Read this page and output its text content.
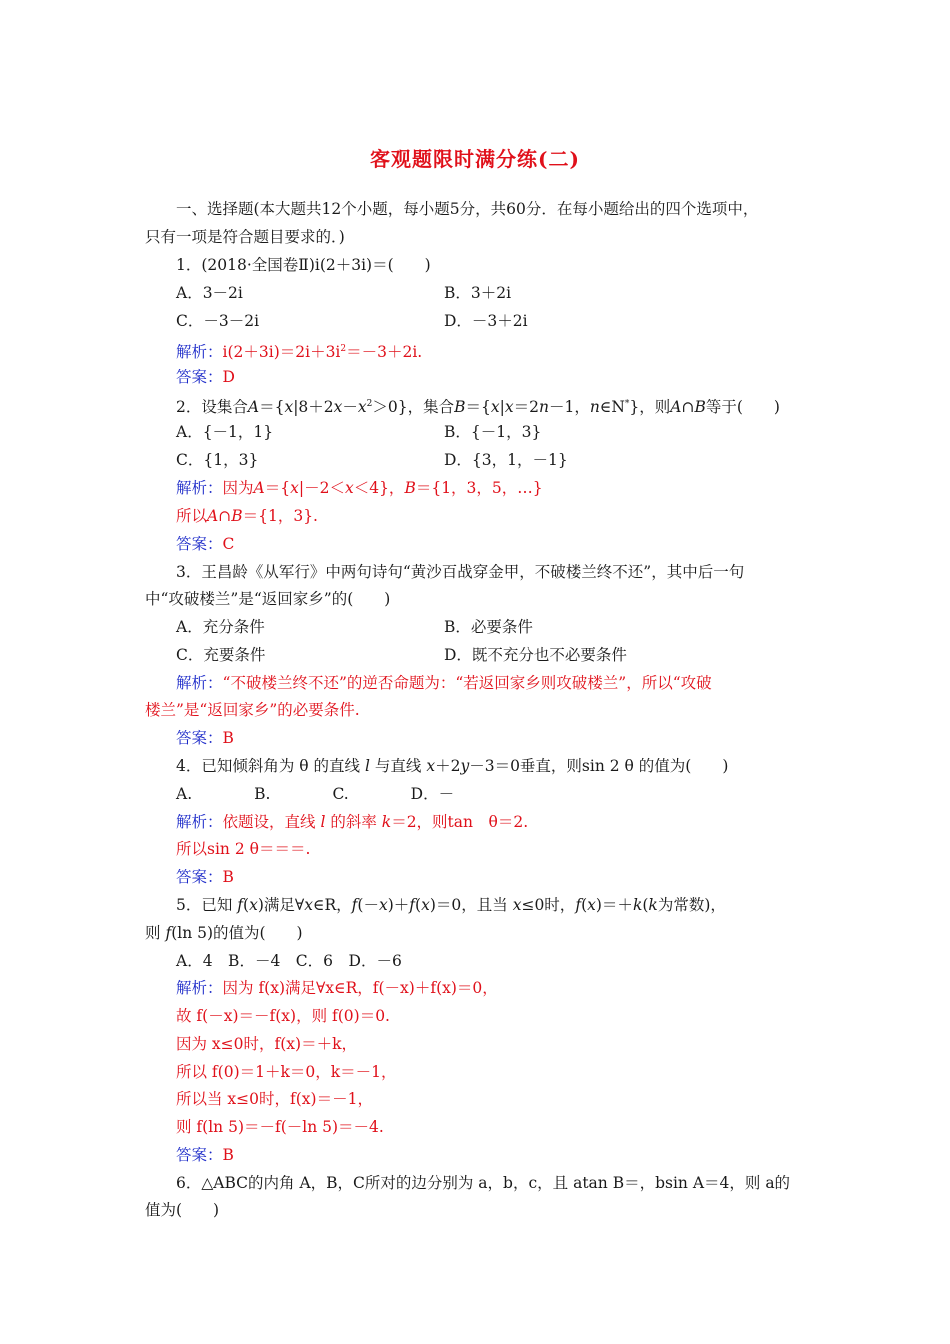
客观题限时满分练(二)
一、选择题(本大题共12个小题，每小题5分，共60分．在每小题给出的四个选项中，
只有一项是符合题目要求的．)
1．(2018·全国卷Ⅱ)i(2＋3i)＝(　　)
A．3－2i	B．3＋2i
C．－3－2i	D．－3＋2i
解析：$i(2+3i)=2i+3i^2=-3+2i$.
答案：D
2．设集合$A=\{x|8+2x-x^2>0\}$，集合B＝{x|x＝2n－1，n∈N*}，则A∩B等于(　　)
A．{－1，1}	B．{－1，3}
C．{1，3}	D．{3，1，－1}
解析：因为A＝{x|－2＜x＜4}，B＝{1，3，5，…}
所以A∩B＝{1，3}.
答案：C
3．王昌龄《从军行》中两句诗句“黄沙百战穿金甲，不破楼兰终不还”，其中后一句
中“攻破楼兰”是“返回家乡”的(　　)
A．充分条件	B．必要条件
C．充要条件	D．既不充分也不必要条件
解析：“不破楼兰终不还”的逆否命题为：“若返回家乡则攻破楼兰”，所以“攻破
楼兰”是“返回家乡”的必要条件.
答案：B
4．已知倾斜角为 θ 的直线 l 与直线 x＋2y－3＝0垂直，则sin 2 θ 的值为(　　)
A.　　　　B.　　　　C.　　　　D．－
解析：依题设，直线 l 的斜率 k＝2，则tan　θ＝2.
所以sin 2 θ＝＝＝.
答案：B
5．已知 f(x)满足∀x∈R，f(－x)＋f(x)＝0，且当 x≤0时，f(x)＝＋k(k为常数)，
则 f(ln 5)的值为(　　)
A．4　B．－4　C．6　D．－6
解析：因为 f(x)满足∀x∈R，f(－x)＋f(x)＝0，
故 f(－x)＝－f(x)，则 f(0)＝0.
因为 x≤0时，f(x)＝＋k，
所以 f(0)＝1＋k＝0，k＝－1，
所以当 x≤0时，f(x)＝－1，
则 f(ln 5)＝－f(－ln 5)＝－4.
答案：B
6．△ABC的内角 A，B，C所对的边分别为 a，b，c，且 atan B＝，bsin A＝4，则 a的
值为(　　)
